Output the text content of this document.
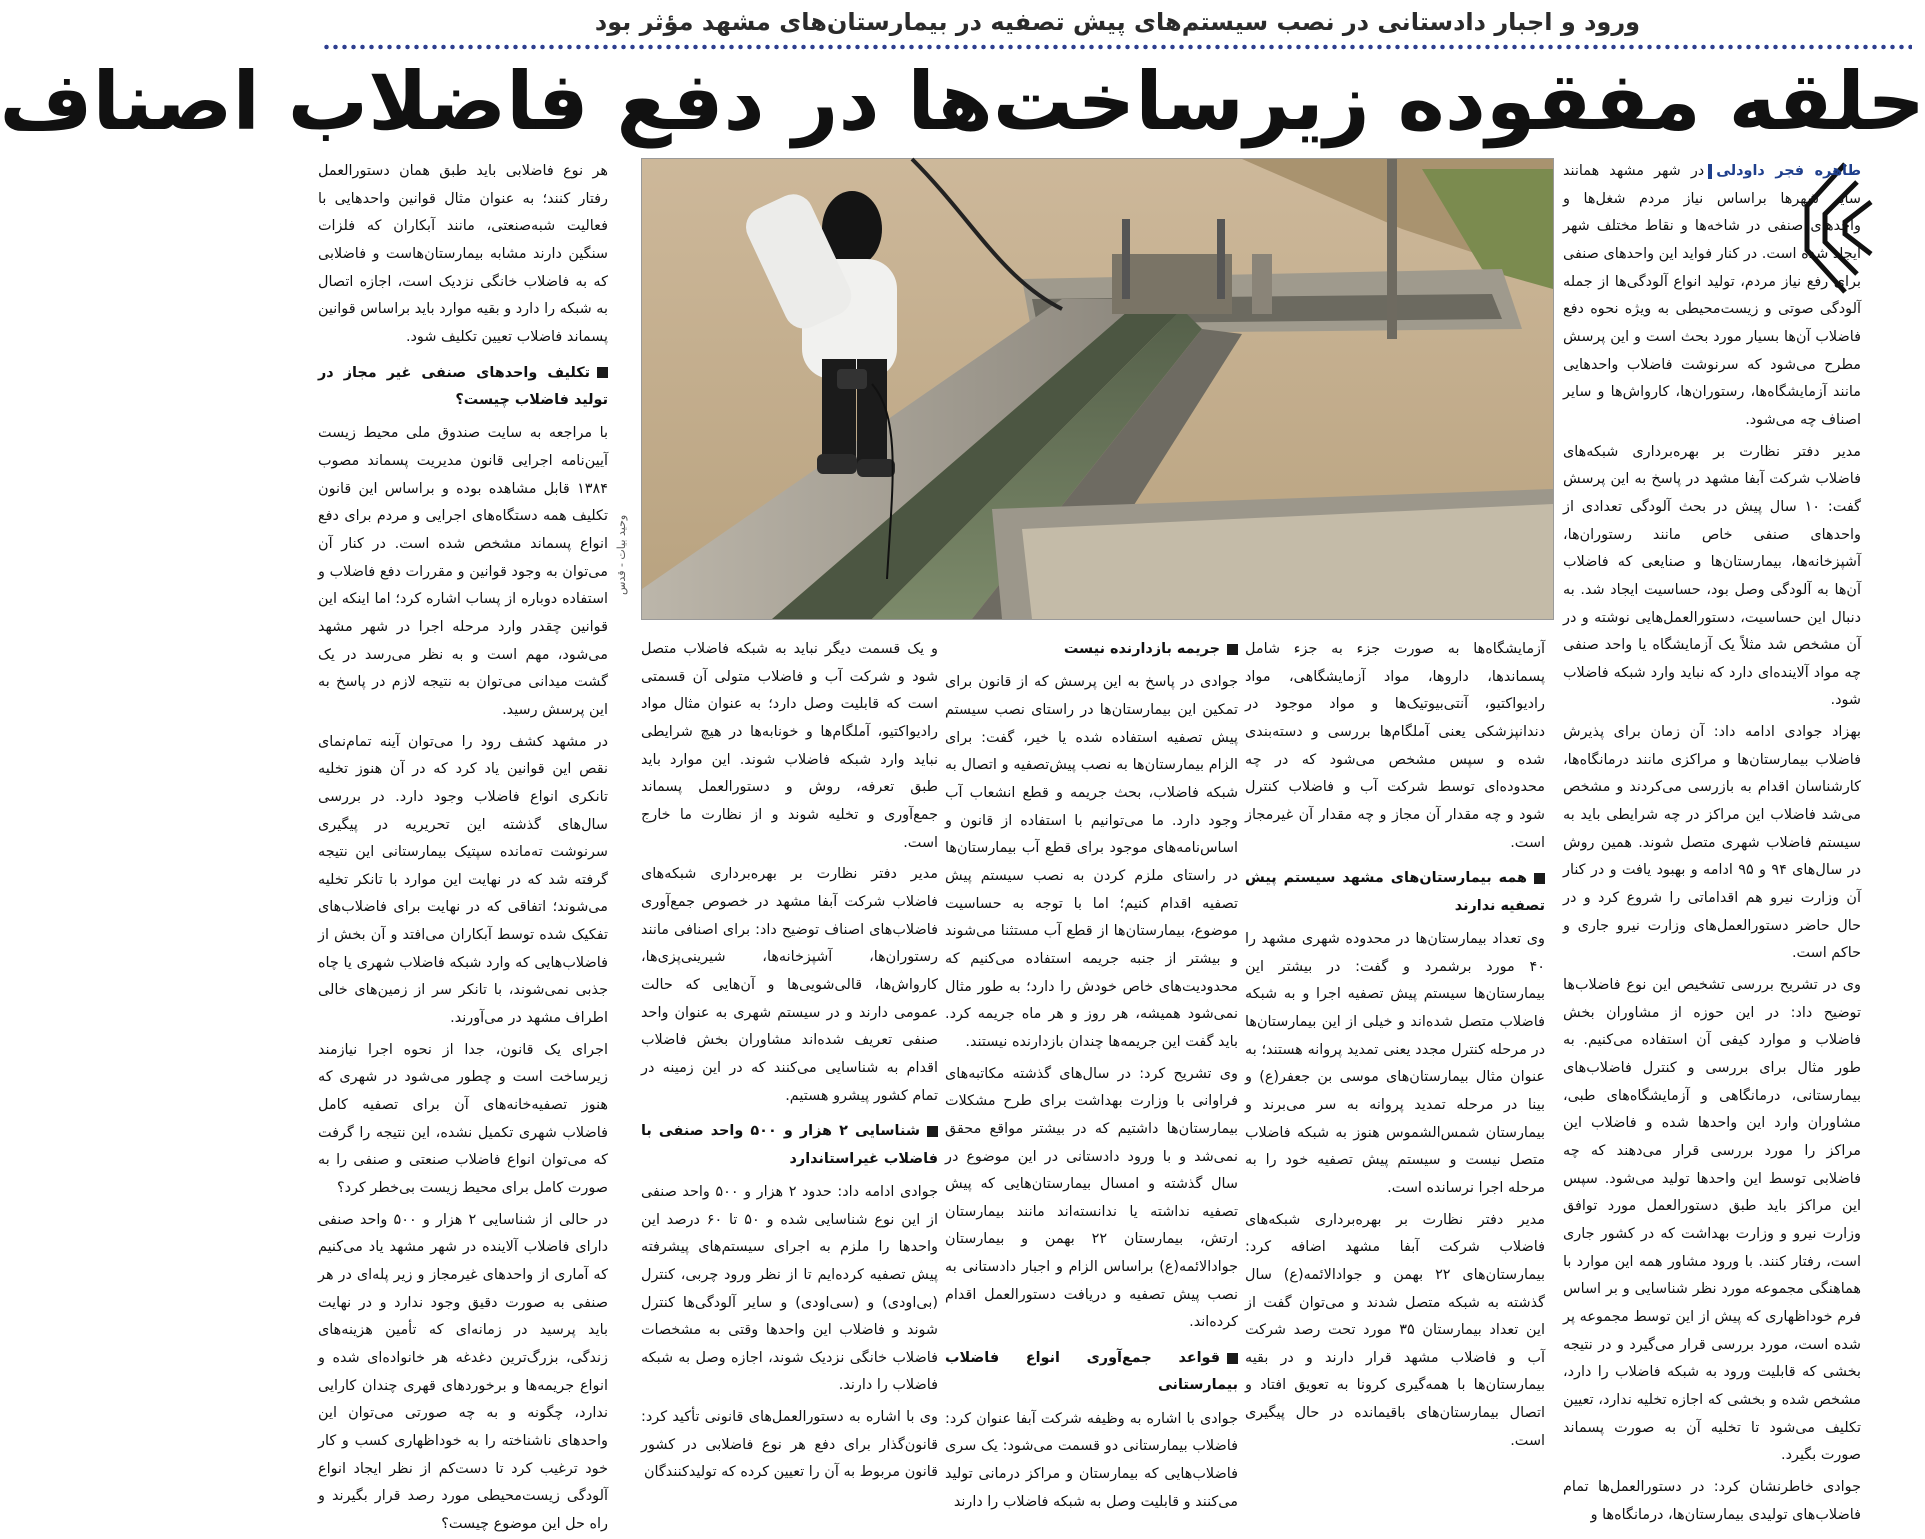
ورود و اجبار دادستانی در نصب سیستم‌های پیش تصفیه در بیمارستان‌های مشهد مؤثر بود
حلقه مفقوده زیرساخت‌ها در دفع فاضلاب اصناف
وحید بیات - قدس

طاهره فجر داودلیدر شهر مشهد همانند سایر شهرها براساس نیاز مردم شغل‌ها و واحدهای صنفی در شاخه‌ها و نقاط مختلف شهر ایجاد شده است. در کنار فواید این واحدهای صنفی برای رفع نیاز مردم، تولید انواع آلودگی‌ها از جمله آلودگی صوتی و زیست‌محیطی به ویژه نحوه دفع فاضلاب آن‌ها بسیار مورد بحث است و این پرسش مطرح می‌شود که سرنوشت فاضلاب واحدهایی مانند آزمایشگاه‌ها، رستوران‌ها، کارواش‌ها و سایر اصناف چه می‌شود.

مدیر دفتر نظارت بر بهره‌برداری شبکه‌های فاضلاب شرکت آبفا مشهد در پاسخ به این پرسش گفت: ۱۰ سال پیش در بحث آلودگی تعدادی از واحدهای صنفی خاص مانند رستوران‌ها، آشپزخانه‌ها، بیمارستان‌ها و صنایعی که فاضلاب آن‌ها به آلودگی وصل بود، حساسیت ایجاد شد. به دنبال این حساسیت، دستورالعمل‌هایی نوشته و در آن مشخص شد مثلاً یک آزمایشگاه یا واحد صنفی چه مواد آلاینده‌ای دارد که نباید وارد شبکه فاضلاب شود.

بهزاد جوادی ادامه داد: آن زمان برای پذیرش فاضلاب بیمارستان‌ها و مراکزی مانند درمانگاه‌ها، کارشناسان اقدام به بازرسی می‌کردند و مشخص می‌شد فاضلاب این مراکز در چه شرایطی باید به سیستم فاضلاب شهری متصل شوند. همین روش در سال‌های ۹۴ و ۹۵ ادامه و بهبود یافت و در کنار آن وزارت نیرو هم اقداماتی را شروع کرد و در حال حاضر دستورالعمل‌های وزارت نیرو جاری و حاکم است.

وی در تشریح بررسی تشخیص این نوع فاضلاب‌ها توضیح داد: در این حوزه از مشاوران بخش فاضلاب و موارد کیفی آن استفاده می‌کنیم. به طور مثال برای بررسی و کنترل فاضلاب‌های بیمارستانی، درمانگاهی و آزمایشگاه‌های طبی، مشاوران وارد این واحدها شده و فاضلاب این مراکز را مورد بررسی قرار می‌دهند که چه فاضلابی توسط این واحدها تولید می‌شود. سپس این مراکز باید طبق دستورالعمل مورد توافق وزارت نیرو و وزارت بهداشت که در کشور جاری است، رفتار کنند. با ورود مشاور همه این موارد با هماهنگی مجموعه مورد نظر شناسایی و بر اساس فرم خوداظهاری که پیش از این توسط مجموعه پر شده است، مورد بررسی قرار می‌گیرد و در نتیجه بخشی که قابلیت ورود به شبکه فاضلاب را دارد، مشخص شده و بخشی که اجازه تخلیه ندارد، تعیین تکلیف می‌شود تا تخلیه آن به صورت پسماند صورت بگیرد.

جوادی خاطرنشان کرد: در دستورالعمل‌ها تمام فاضلاب‌های تولیدی بیمارستان‌ها، درمانگاه‌ها و

آزمایشگاه‌ها به صورت جزء به جزء شامل پسماندها، داروها، مواد آزمایشگاهی، مواد رادیواکتیو، آنتی‌بیوتیک‌ها و مواد موجود در دندانپزشکی یعنی آملگام‌ها بررسی و دسته‌بندی شده و سپس مشخص می‌شود که در چه محدوده‌ای توسط شرکت آب و فاضلاب کنترل شود و چه مقدار آن مجاز و چه مقدار آن غیرمجاز است.

همه بیمارستان‌های مشهد سیستم پیش تصفیه ندارند

وی تعداد بیمارستان‌ها در محدوده شهری مشهد را ۴۰ مورد برشمرد و گفت: در بیشتر این بیمارستان‌ها سیستم پیش تصفیه اجرا و به شبکه فاضلاب متصل شده‌اند و خیلی از این بیمارستان‌ها در مرحله کنترل مجدد یعنی تمدید پروانه هستند؛ به عنوان مثال بیمارستان‌های موسی بن جعفر(ع) و بینا در مرحله تمدید پروانه به سر می‌برند و بیمارستان شمس‌الشموس هنوز به شبکه فاضلاب متصل نیست و سیستم پیش تصفیه خود را به مرحله اجرا نرسانده است.

مدیر دفتر نظارت بر بهره‌برداری شبکه‌های فاضلاب شرکت آبفا مشهد اضافه کرد: بیمارستان‌های ۲۲ بهمن و جوادالائمه(ع) سال گذشته به شبکه متصل شدند و می‌توان گفت از این تعداد بیمارستان ۳۵ مورد تحت رصد شرکت آب و فاضلاب مشهد قرار دارند و در بقیه بیمارستان‌ها با همه‌گیری کرونا به تعویق افتاد و اتصال بیمارستان‌های باقیمانده در حال پیگیری است.

جریمه بازدارنده نیست

جوادی در پاسخ به این پرسش که از قانون برای تمکین این بیمارستان‌ها در راستای نصب سیستم پیش تصفیه استفاده شده یا خیر، گفت: برای الزام بیمارستان‌ها به نصب پیش‌تصفیه و اتصال به شبکه فاضلاب، بحث جریمه و قطع انشعاب آب وجود دارد. ما می‌توانیم با استفاده از قانون و اساس‌نامه‌های موجود برای قطع آب بیمارستان‌ها در راستای ملزم کردن به نصب سیستم پیش تصفیه اقدام کنیم؛ اما با توجه به حساسیت موضوع، بیمارستان‌ها از قطع آب مستثنا می‌شوند و بیشتر از جنبه جریمه استفاده می‌کنیم که محدودیت‌های خاص خودش را دارد؛ به طور مثال نمی‌شود همیشه، هر روز و هر ماه جریمه کرد. باید گفت این جریمه‌ها چندان بازدارنده نیستند.

وی تشریح کرد: در سال‌های گذشته مکاتبه‌های فراوانی با وزارت بهداشت برای طرح مشکلات بیمارستان‌ها داشتیم که در بیشتر مواقع محقق نمی‌شد و با ورود دادستانی در این موضوع در سال گذشته و امسال بیمارستان‌هایی که پیش تصفیه نداشته یا ندانسته‌اند مانند بیمارستان ارتش، بیمارستان ۲۲ بهمن و بیمارستان جوادالائمه(ع) براساس الزام و اجبار دادستانی به نصب پیش تصفیه و دریافت دستورالعمل اقدام کرده‌اند.

قواعد جمع‌آوری انواع فاضلاب بیمارستانی

جوادی با اشاره به وظیفه شرکت آبفا عنوان کرد: فاضلاب بیمارستانی دو قسمت می‌شود: یک سری فاضلاب‌هایی که بیمارستان و مراکز درمانی تولید می‌کنند و قابلیت وصل به شبکه فاضلاب را دارند

و یک قسمت دیگر نباید به شبکه فاضلاب متصل شود و شرکت آب و فاضلاب متولی آن قسمتی است که قابلیت وصل دارد؛ به عنوان مثال مواد رادیواکتیو، آملگام‌ها و خونابه‌ها در هیچ شرایطی نباید وارد شبکه فاضلاب شوند. این موارد باید طبق تعرفه، روش و دستورالعمل پسماند جمع‌آوری و تخلیه شوند و از نظارت ما خارج است.

مدیر دفتر نظارت بر بهره‌برداری شبکه‌های فاضلاب شرکت آبفا مشهد در خصوص جمع‌آوری فاضلاب‌های اصناف توضیح داد: برای اصنافی مانند رستوران‌ها، آشپزخانه‌ها، شیرینی‌پزی‌ها، کارواش‌ها، قالی‌شویی‌ها و آن‌هایی که حالت عمومی دارند و در سیستم شهری به عنوان واحد صنفی تعریف شده‌اند مشاوران بخش فاضلاب اقدام به شناسایی می‌کنند که در این زمینه در تمام کشور پیشرو هستیم.

شناسایی ۲ هزار و ۵۰۰ واحد صنفی با فاضلاب غیراستاندارد

جوادی ادامه داد: حدود ۲ هزار و ۵۰۰ واحد صنفی از این نوع شناسایی شده و ۵۰ تا ۶۰ درصد این واحدها را ملزم به اجرای سیستم‌های پیشرفته پیش تصفیه کرده‌ایم تا از نظر ورود چربی، کنترل (بی‌اودی) و (سی‌اودی) و سایر آلودگی‌ها کنترل شوند و فاضلاب این واحدها وقتی به مشخصات فاضلاب خانگی نزدیک شوند، اجازه وصل به شبکه فاضلاب را دارند.

وی با اشاره به دستورالعمل‌های قانونی تأکید کرد: قانون‌گذار برای دفع هر نوع فاضلابی در کشور قانون مربوط به آن را تعیین کرده که تولیدکنندگان

هر نوع فاضلابی باید طبق همان دستورالعمل رفتار کنند؛ به عنوان مثال قوانین واحدهایی با فعالیت شبه‌صنعتی، مانند آبکاران که فلزات سنگین دارند مشابه بیمارستان‌هاست و فاضلابی که به فاضلاب خانگی نزدیک است، اجازه اتصال به شبکه را دارد و بقیه موارد باید براساس قوانین پسماند فاضلاب تعیین تکلیف شود.

تکلیف واحدهای صنفی غیر مجاز در تولید فاضلاب چیست؟

با مراجعه به سایت صندوق ملی محیط زیست آیین‌نامه اجرایی قانون مدیریت پسماند مصوب ۱۳۸۴ قابل مشاهده بوده و براساس این قانون تکلیف همه دستگاه‌های اجرایی و مردم برای دفع انواع پسماند مشخص شده است. در کنار آن می‌توان به وجود قوانین و مقررات دفع فاضلاب و استفاده دوباره از پساب اشاره کرد؛ اما اینکه این قوانین چقدر وارد مرحله اجرا در شهر مشهد می‌شود، مهم است و به نظر می‌رسد در یک گشت میدانی می‌توان به نتیجه لازم در پاسخ به این پرسش رسید.

در مشهد کشف رود را می‌توان آینه تمام‌نمای نقص این قوانین یاد کرد که در آن هنوز تخلیه تانکری انواع فاضلاب وجود دارد. در بررسی سال‌های گذشته این تحریریه در پیگیری سرنوشت ته‌مانده سپتیک بیمارستانی این نتیجه گرفته شد که در نهایت این موارد با تانکر تخلیه می‌شوند؛ اتفاقی که در نهایت برای فاضلاب‌های تفکیک شده توسط آبکاران می‌افتد و آن بخش از فاضلاب‌هایی که وارد شبکه فاضلاب شهری یا چاه جذبی نمی‌شوند، با تانکر سر از زمین‌های خالی اطراف مشهد در می‌آورند.

اجرای یک قانون، جدا از نحوه اجرا نیازمند زیرساخت است و چطور می‌شود در شهری که هنوز تصفیه‌خانه‌های آن برای تصفیه کامل فاضلاب شهری تکمیل نشده، این نتیجه را گرفت که می‌توان انواع فاضلاب صنعتی و صنفی را به صورت کامل برای محیط زیست بی‌خطر کرد؟

در حالی از شناسایی ۲ هزار و ۵۰۰ واحد صنفی دارای فاضلاب آلاینده در شهر مشهد یاد می‌کنیم که آماری از واحدهای غیرمجاز و زیر پله‌ای در هر صنفی به صورت دقیق وجود ندارد و در نهایت باید پرسید در زمانه‌ای که تأمین هزینه‌های زندگی، بزرگ‌ترین دغدغه هر خانواده‌ای شده و انواع جریمه‌ها و برخوردهای قهری چندان کارایی ندارد، چگونه و به چه صورتی می‌توان این واحدهای ناشناخته را به خوداظهاری کسب و کار خود ترغیب کرد تا دست‌کم از نظر ایجاد انواع آلودگی زیست‌محیطی مورد رصد قرار بگیرند و راه حل این موضوع چیست؟
